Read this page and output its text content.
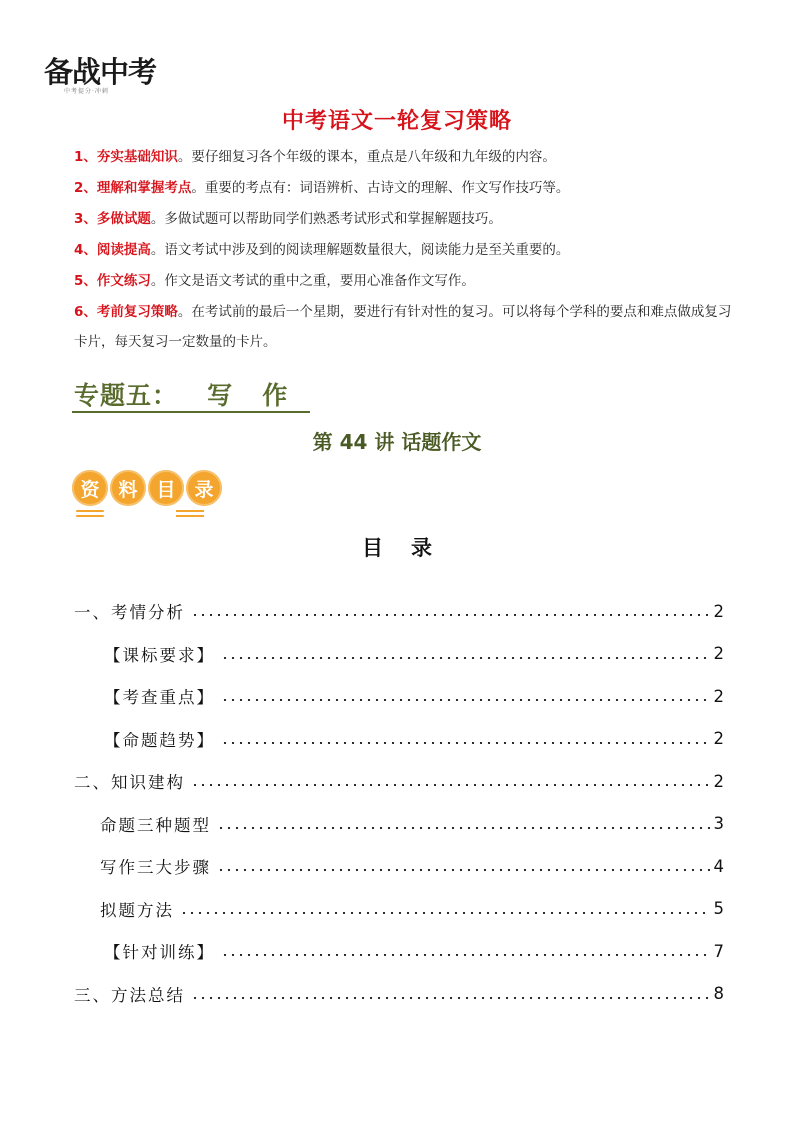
备战中考
中考提分·冲刺
中考语文一轮复习策略
1、夯实基础知识。要仔细复习各个年级的课本，重点是八年级和九年级的内容。
2、理解和掌握考点。重要的考点有：词语辨析、古诗文的理解、作文写作技巧等。
3、多做试题。多做试题可以帮助同学们熟悉考试形式和掌握解题技巧。
4、阅读提高。语文考试中涉及到的阅读理解题数量很大，阅读能力是至关重要的。
5、作文练习。作文是语文考试的重中之重，要用心准备作文写作。
6、考前复习策略。在考试前的最后一个星期，要进行有针对性的复习。可以将每个学科的要点和难点做成复习卡片，每天复习一定数量的卡片。
专题五：   写   作
第 44 讲 话题作文
资 料 目 录
目录
一、考情分析	2
【课标要求】	2
【考查重点】	2
【命题趋势】	2
二、知识建构	2
命题三种题型	3
写作三大步骤	4
拟题方法	5
【针对训练】	7
三、方法总结	8
